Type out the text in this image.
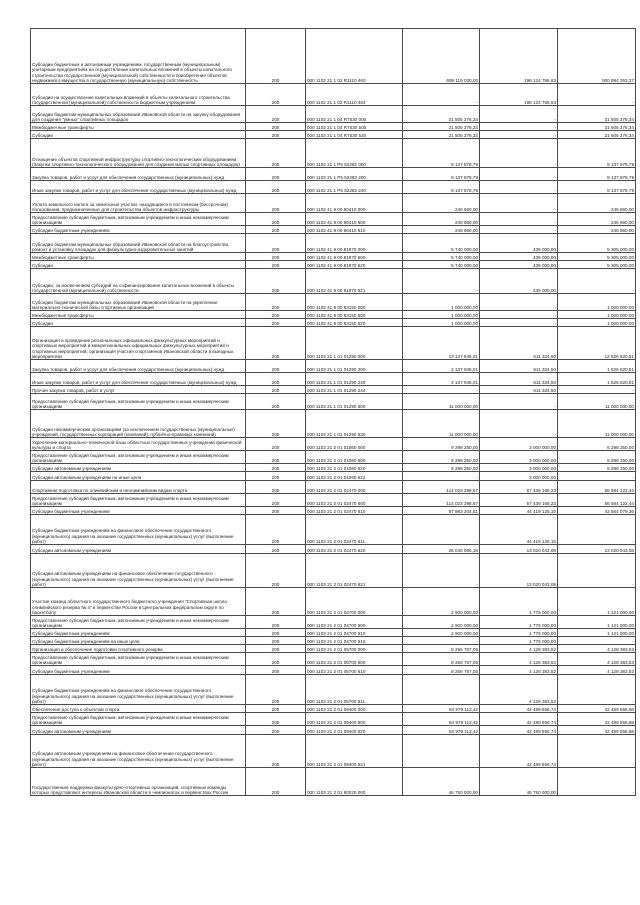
Субсидии бюджетным и автономным учреждениям, государственным (муниципальным) унитарным предприятиям на осуществление капитальных вложений в объекты капитального строительства государственной (муниципальной) собственности и приобретение объектов недвижимого имущества в государственную (муниципальную) собственность	200	000 1102 21 1 02 R1110 460	699 119 030,00	198 124 766,63	500 994 263,37
Субсидии на осуществление капитальных вложений в объекты капитального строительства государственной (муниципальной) собственности бюджетным учреждениям	200	000 1102 21 1 02 R1110 464	-	198 124 766,63	-
Субсидии бюджетам муниципальных образований Ивановской области на закупку оборудования для создания "умных" спортивных площадок	200	000 1102 21 1 04 R7530 000	21 505 376,34	-	21 505 376,34
Межбюджетные трансферты	200	000 1102 21 1 04 R7530 500	21 505 376,34	-	21 505 376,34
Субсидии	200	000 1102 21 1 04 R7530 520	21 505 376,34	-	21 505 376,34
Оснащение объектов спортивной инфраструктуры спортивно-технологическим оборудованием (Закупка спортивно-технологического оборудования для создания малых спортивных площадок)	200	000 1102 21 1 P5 52282 000	8 137 878,79	-	8 137 878,79
Закупка товаров, работ и услуг для обеспечения государственных (муниципальных) нужд	200	000 1102 21 1 P5 52282 200	8 137 878,79	-	8 137 878,79
Иные закупки товаров, работ и услуг для обеспечения государственных (муниципальных) нужд	200	000 1102 21 1 P5 52282 240	8 137 878,79	-	8 137 878,79
Уплата земельного налога за земельные участки, находящиеся в постоянном (бессрочном) пользовании, предназначенные для строительства объектов инфраструктуры	200	000 1102 41 9 00 90410 000	246 660,00	-	246 660,00
Предоставление субсидий бюджетным, автономным учреждениям и иным некоммерческим организациям	200	000 1102 41 9 00 90410 600	246 660,00	-	246 660,00
Субсидии бюджетным учреждениям	200	000 1102 41 9 00 90410 610	246 660,00	-	246 660,00
Субсидии бюджетам муниципальных образований Ивановской области на благоустройство, ремонт и установку площадок для физкультурно-оздоровительных занятий	200	000 1102 41 9 00 81970 000	5 740 000,00	435 000,00	5 305 000,00
Межбюджетные трансферты	200	000 1102 41 9 00 81970 500	5 740 000,00	435 000,00	5 305 000,00
Субсидии	200	000 1102 41 9 00 81970 520	5 740 000,00	435 000,00	5 305 000,00
Субсидии, за исключением субсидий на софинансирование капитальных вложений в объекты государственной (муниципальной) собственности	200	000 1102 41 9 00 81970 521	-	435 000,00	-
Субсидии бюджетам муниципальных образований Ивановской области на укрепление материально-технической базы спортивных организаций	200	000 1102 41 9 00 83150 000	1 000 000,00	-	1 000 000,00
Межбюджетные трансферты	200	000 1102 41 9 00 83150 500	1 000 000,00	-	1 000 000,00
Субсидии	200	000 1102 41 9 00 83150 520	1 000 000,00	-	1 000 000,00
Организация и проведение региональных официальных физкультурных мероприятий и спортивных мероприятий и межрегиональных официальных физкультурных мероприятий и спортивных мероприятий; организация участия спортсменов Ивановской области в выездных мероприятиях	200	000 1103 21 1 01 01290 000	13 137 945,01	611 324,50	12 526 620,51
Закупка товаров, работ и услуг для обеспечения государственных (муниципальных) нужд	200	000 1103 21 1 01 01290 200	2 137 945,01	611 324,50	1 526 620,51
Иные закупки товаров, работ и услуг для обеспечения государственных (муниципальных) нужд	200	000 1103 21 1 01 01290 240	2 137 945,01	611 324,50	1 526 620,51
Прочая закупка товаров, работ и услуг	200	000 1103 21 1 01 01290 244	-	611 324,50	-
Предоставление субсидий бюджетным, автономным учреждениям и иным некоммерческим организациям	200	000 1103 21 1 01 01290 600	11 000 000,00	-	11 000 000,00
Субсидии некоммерческим организациям (за исключением государственных (муниципальных) учреждений, государственных корпораций (компаний), публично-правовых компаний)	200	000 1103 21 1 01 01290 630	11 000 000,00	-	11 000 000,00
Укрепление материально-технической базы областных государственных учреждений физической культуры и спорта	200	000 1103 21 2 01 01060 000	9 298 250,00	3 000 000,00	6 298 250,00
Предоставление субсидий бюджетным, автономным учреждениям и иным некоммерческим организациям	200	000 1103 21 2 01 01060 600	9 298 250,00	3 000 000,00	6 298 250,00
Субсидии автономным учреждениям	200	000 1103 21 2 01 01060 620	9 298 250,00	3 000 000,00	6 298 250,00
Субсидии автономным учреждениям на иные цели	200	000 1103 21 2 01 01060 622	-	3 000 000,00	-
Спортивная подготовка по олимпийским и неолимпийским видам спорта	200	000 1103 21 2 01 02470 000	114 023 298,67	57 439 168,23	56 584 122,44
Предоставление субсидий бюджетным, автономным учреждениям и иным некоммерческим организациям	200	000 1103 21 2 01 02470 600	114 023 298,67	57 439 168,23	56 584 122,44
Субсидии бюджетным учреждениям	200	000 1103 21 2 01 02470 610	87 983 204,51	44 419 125,15	43 564 079,36
Субсидии бюджетным учреждениям на финансовое обеспечение государственного (муниципального) задания на оказание государственных (муниципальных) услуг (выполнение работ)	200	000 1103 21 2 01 02470 611	-	44 419 125,15	-
Субсидии автономным учреждениям	200	000 1103 21 2 01 02470 620	26 040 086,16	13 020 043,08	13 020 043,08
Субсидии автономным учреждениям на финансовое обеспечение государственного (муниципального) задания на оказание государственных (муниципальных) услуг (выполнение работ)	200	000 1103 21 2 01 02470 621	-	13 020 043,08	-
Участие команд областного государственного бюджетного учреждения "Спортивная школа олимпийского резерва № 4" в первенстве России в Центральном федеральном округе по баскетболу	200	000 1103 21 2 01 04700 000	2 900 000,00	1 779 000,00	1 121 000,00
Предоставление субсидий бюджетным, автономным учреждениям и иным некоммерческим организациям	200	000 1103 21 2 01 04700 600	2 900 000,00	1 779 000,00	1 121 000,00
Субсидии бюджетным учреждениям	200	000 1103 21 2 01 04700 610	2 900 000,00	1 779 000,00	1 121 000,00
Субсидии бюджетным учреждениям на иные цели	200	000 1103 21 2 01 04700 612	-	1 779 000,00	-
Организация и обеспечение подготовки спортивного резерва	200	000 1103 21 2 01 05700 000	8 256 767,05	4 128 383,52	4 128 383,53
Предоставление субсидий бюджетным, автономным учреждениям и иным некоммерческим организациям	200	000 1103 21 2 01 05700 600	8 256 767,05	4 128 383,52	4 128 383,53
Субсидии бюджетным учреждениям	200	000 1103 21 2 01 05700 610	8 256 767,05	4 128 383,52	4 128 383,53
Субсидии бюджетным учреждениям на финансовое обеспечение государственного (муниципального) задания на оказание государственных (муниципальных) услуг (выполнение работ)	200	000 1103 21 2 01 05700 611	-	4 128 383,52	-
Обеспечение доступа к объектам спорта	200	000 1103 21 2 01 09400 000	84 979 113,42	42 489 556,74	42 489 556,68
Предоставление субсидий бюджетным, автономным учреждениям и иным некоммерческим организациям	200	000 1103 21 2 01 09400 600	84 979 113,42	42 489 556,74	42 489 556,68
Субсидии автономным учреждениям	200	000 1103 21 2 01 09400 620	84 979 113,42	42 489 556,74	42 489 556,68
Субсидии автономным учреждениям на финансовое обеспечение государственного (муниципального) задания на оказание государственных (муниципальных) услуг (выполнение работ)	200	000 1103 21 2 01 09400 621	-	42 489 556,74	-
Государственная поддержка физкультурно-спортивных организаций, спортивные команды которых представляют интересы Ивановской области в чемпионатах и первенствах России	200	000 1103 21 2 01 60020 000	46 750 000,00	46 750 000,00	-
